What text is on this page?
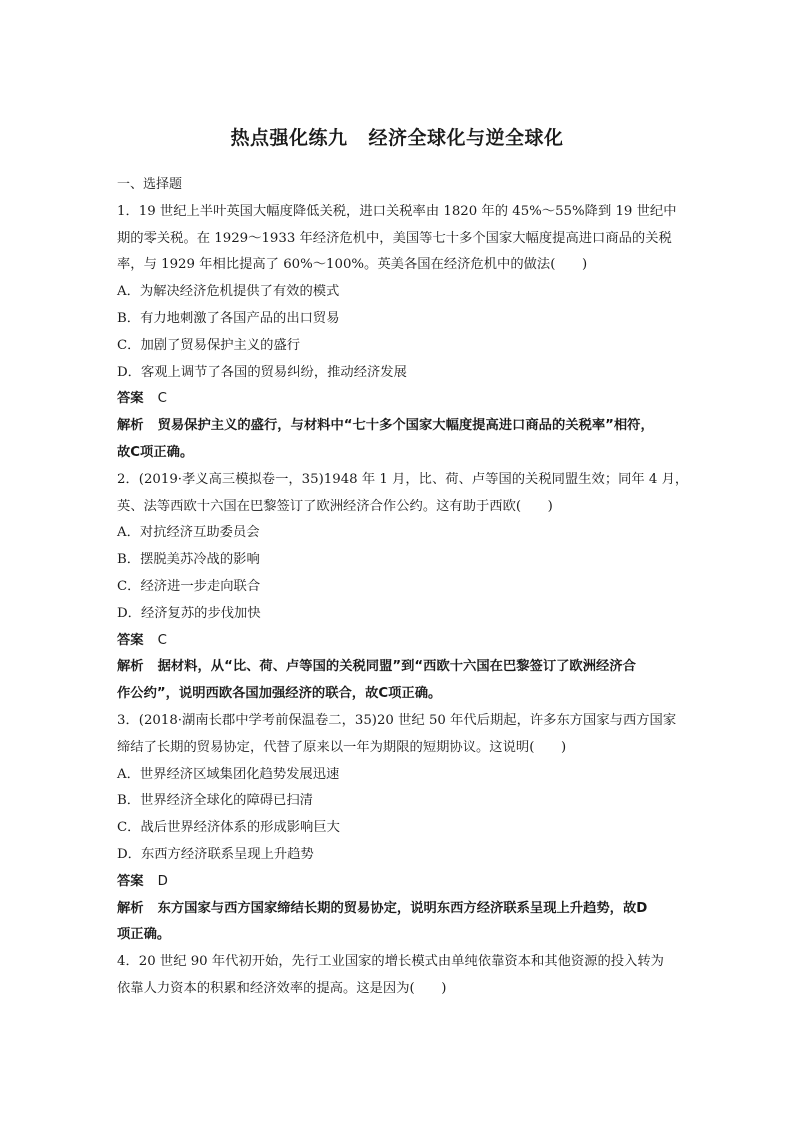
热点强化练九 经济全球化与逆全球化
一、选择题
1．19 世纪上半叶英国大幅度降低关税，进口关税率由 1820 年的 45%～55%降到 19 世纪中
期的零关税。在 1929～1933 年经济危机中，美国等七十多个国家大幅度提高进口商品的关税
率，与 1929 年相比提高了 60%～100%。英美各国在经济危机中的做法(　　)
A．为解决经济危机提供了有效的模式
B．有力地刺激了各国产品的出口贸易
C．加剧了贸易保护主义的盛行
D．客观上调节了各国的贸易纠纷，推动经济发展
答案 C
解析 贸易保护主义的盛行，与材料中“七十多个国家大幅度提高进口商品的关税率”相符，
故C项正确。
2．(2019·孝义高三模拟卷一，35)1948 年 1 月，比、荷、卢等国的关税同盟生效；同年 4 月，
英、法等西欧十六国在巴黎签订了欧洲经济合作公约。这有助于西欧(　　)
A．对抗经济互助委员会
B．摆脱美苏冷战的影响
C．经济进一步走向联合
D．经济复苏的步伐加快
答案 C
解析 据材料，从“比、荷、卢等国的关税同盟”到“西欧十六国在巴黎签订了欧洲经济合
作公约”，说明西欧各国加强经济的联合，故C项正确。
3．(2018·湖南长郡中学考前保温卷二，35)20 世纪 50 年代后期起，许多东方国家与西方国家
缔结了长期的贸易协定，代替了原来以一年为期限的短期协议。这说明(　　)
A．世界经济区域集团化趋势发展迅速
B．世界经济全球化的障碍已扫清
C．战后世界经济体系的形成影响巨大
D．东西方经济联系呈现上升趋势
答案 D
解析 东方国家与西方国家缔结长期的贸易协定，说明东西方经济联系呈现上升趋势，故D
项正确。
4．20 世纪 90 年代初开始，先行工业国家的增长模式由单纯依靠资本和其他资源的投入转为
依靠人力资本的积累和经济效率的提高。这是因为(　　)
